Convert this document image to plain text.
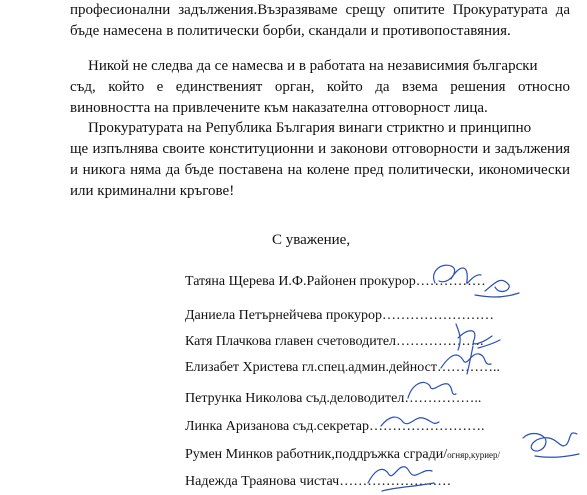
професионални задължения.Възразяваме срещу опитите Прокуратурата да
бъде намесена в политически борби, скандали и противопоставяния.

Никой не следва да се намесва и в работата на независимия български
съд, който е единственият орган, който да взема решения относно
виновността на привлечените към наказателна отговорност лица.

Прокуратурата на Република България винаги стриктно и принципно
ще изпълнява своите конституционни и законови отговорности и задължения
и никога няма да бъде поставена на колене пред политически, икономически
или криминални кръгове!

С уважение,
Татяна Щерева И.Ф.Районен прокурор……………
Даниела Петърнейчева прокурор……………………
Катя Плачкова главен счетоводител……………….
Елизабет Христева гл.спец.админ.дейност…………..
Петрунка Николова съд.деловодител……………..
Линка Аризанова съд.секретар…………………….
Румен Минков работник,поддръжка сгради/огняр,куриер/
Надежда Траянова чистач……………………
